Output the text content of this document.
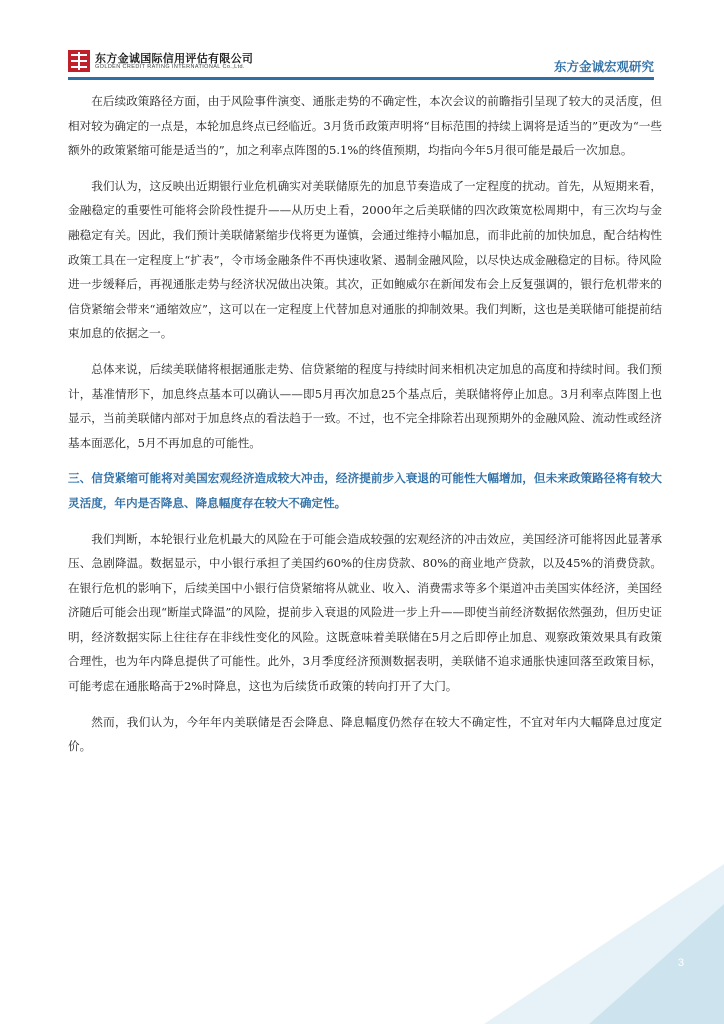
东方金诚国际信用评估有限公司
GOLDEN CREDIT RATING INTERNATIONAL Co.,Ltd.	东方金诚宏观研究

在后续政策路径方面，由于风险事件演变、通胀走势的不确定性，本次会议的前瞻指引呈现了较大的灵活度，但相对较为确定的一点是，本轮加息终点已经临近。3月货币政策声明将“目标范围的持续上调将是适当的”更改为“一些额外的政策紧缩可能是适当的”，加之利率点阵图的5.1%的终值预期，均指向今年5月很可能是最后一次加息。

我们认为，这反映出近期银行业危机确实对美联储原先的加息节奏造成了一定程度的扰动。首先，从短期来看，金融稳定的重要性可能将会阶段性提升——从历史上看，2000年之后美联储的四次政策宽松周期中，有三次均与金融稳定有关。因此，我们预计美联储紧缩步伐将更为谨慎，会通过维持小幅加息，而非此前的加快加息，配合结构性政策工具在一定程度上“扩表”，令市场金融条件不再快速收紧、遏制金融风险，以尽快达成金融稳定的目标。待风险进一步缓释后，再视通胀走势与经济状况做出决策。其次，正如鲍威尔在新闻发布会上反复强调的，银行危机带来的信贷紧缩会带来“通缩效应”，这可以在一定程度上代替加息对通胀的抑制效果。我们判断，这也是美联储可能提前结束加息的依据之一。

总体来说，后续美联储将根据通胀走势、信贷紧缩的程度与持续时间来相机决定加息的高度和持续时间。我们预计，基准情形下，加息终点基本可以确认——即5月再次加息25个基点后，美联储将停止加息。3月利率点阵图上也显示，当前美联储内部对于加息终点的看法趋于一致。不过，也不完全排除若出现预期外的金融风险、流动性或经济基本面恶化，5月不再加息的可能性。

三、信贷紧缩可能将对美国宏观经济造成较大冲击，经济提前步入衰退的可能性大幅增加，但未来政策路径将有较大灵活度，年内是否降息、降息幅度存在较大不确定性。

我们判断，本轮银行业危机最大的风险在于可能会造成较强的宏观经济的冲击效应，美国经济可能将因此显著承压、急剧降温。数据显示，中小银行承担了美国约60%的住房贷款、80%的商业地产贷款，以及45%的消费贷款。在银行危机的影响下，后续美国中小银行信贷紧缩将从就业、收入、消费需求等多个渠道冲击美国实体经济，美国经济随后可能会出现“断崖式降温”的风险，提前步入衰退的风险进一步上升——即使当前经济数据依然强劲，但历史证明，经济数据实际上往往存在非线性变化的风险。这既意味着美联储在5月之后即停止加息、观察政策效果具有政策合理性，也为年内降息提供了可能性。此外，3月季度经济预测数据表明，美联储不追求通胀快速回落至政策目标，可能考虑在通胀略高于2%时降息，这也为后续货币政策的转向打开了大门。

然而，我们认为，今年年内美联储是否会降息、降息幅度仍然存在较大不确定性，不宜对年内大幅降息过度定价。

3
